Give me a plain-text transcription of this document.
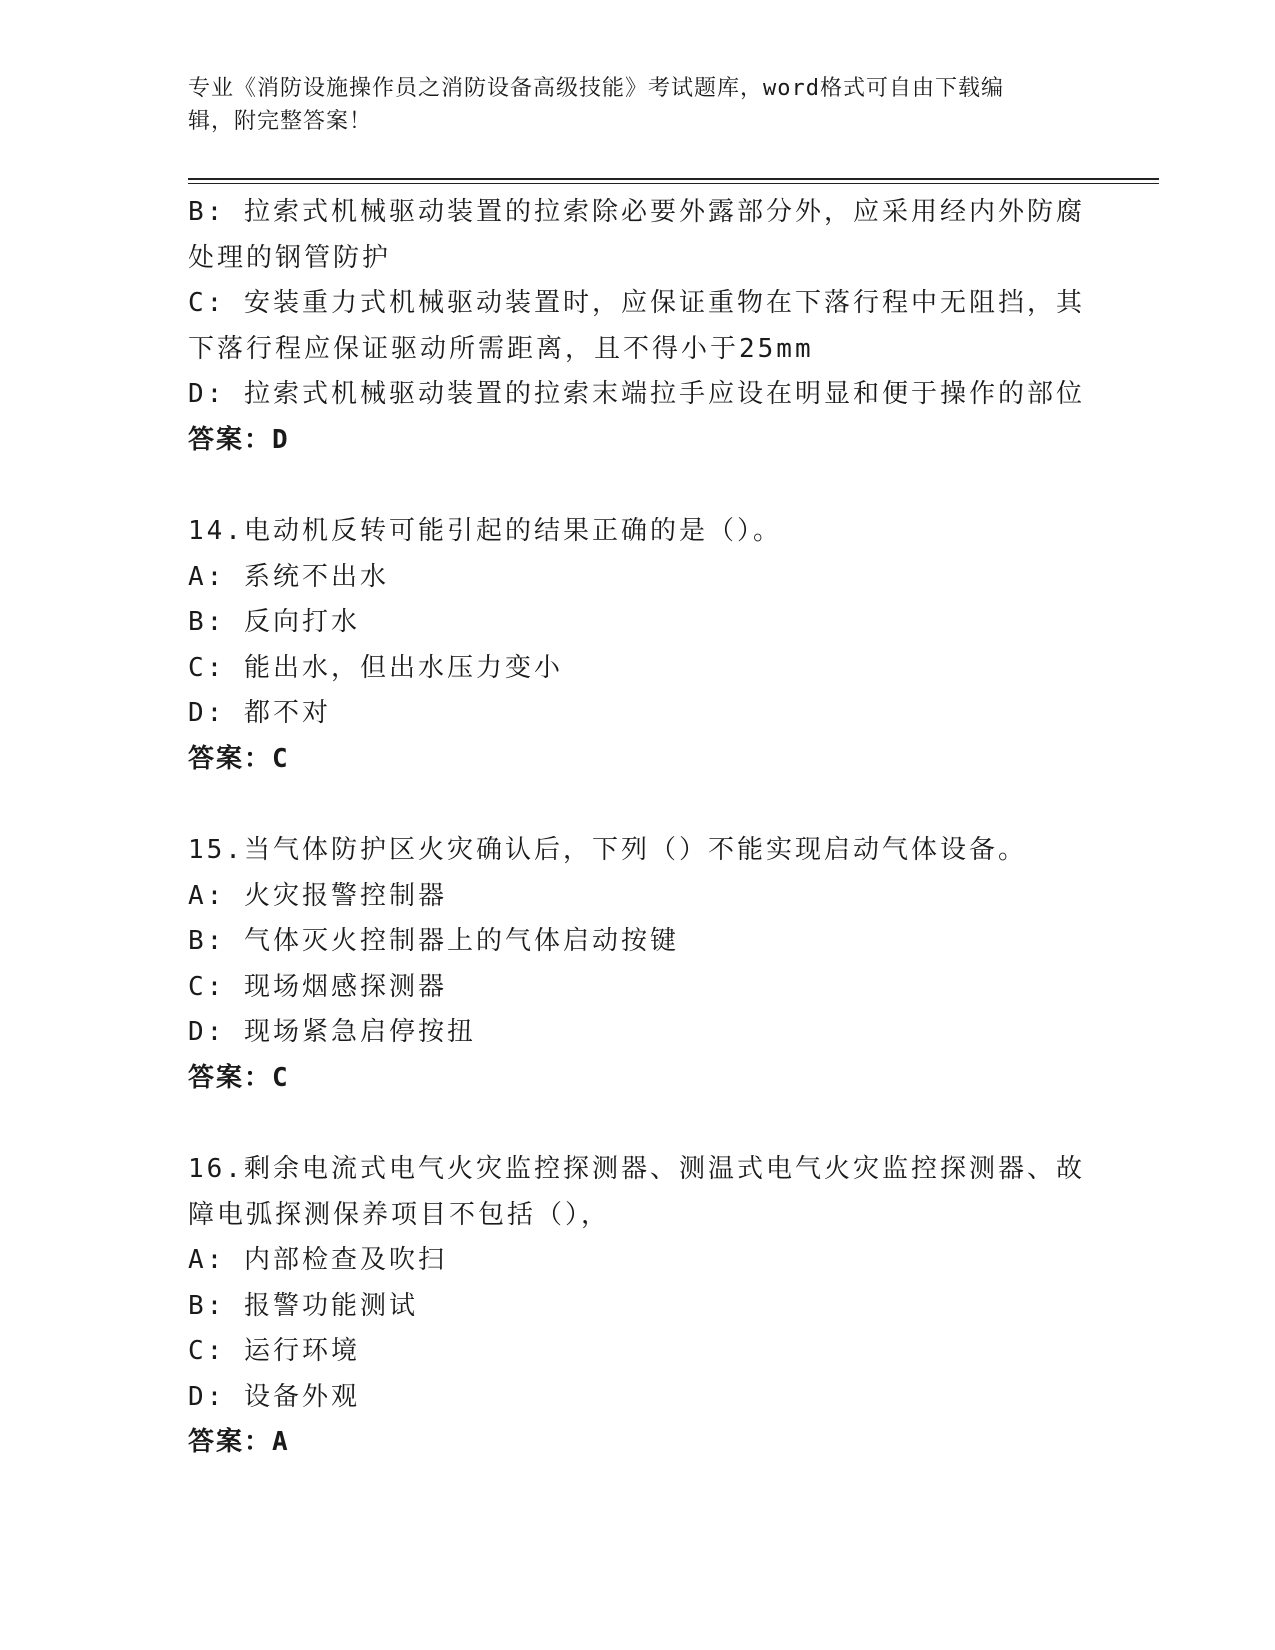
专业《消防设施操作员之消防设备高级技能》考试题库，word格式可自由下载编
辑，附完整答案！
B: 拉索式机械驱动装置的拉索除必要外露部分外，应采用经内外防腐
处理的钢管防护
C: 安装重力式机械驱动装置时，应保证重物在下落行程中无阻挡，其
下落行程应保证驱动所需距离，且不得小于25mm
D: 拉索式机械驱动装置的拉索末端拉手应设在明显和便于操作的部位
答案：D
14.电动机反转可能引起的结果正确的是（）。
A: 系统不出水
B: 反向打水
C: 能出水，但出水压力变小
D: 都不对
答案：C
15.当气体防护区火灾确认后，下列（）不能实现启动气体设备。
A: 火灾报警控制器
B: 气体灭火控制器上的气体启动按键
C: 现场烟感探测器
D: 现场紧急启停按扭
答案：C
16.剩余电流式电气火灾监控探测器、测温式电气火灾监控探测器、故
障电弧探测保养项目不包括（），
A: 内部检查及吹扫
B: 报警功能测试
C: 运行环境
D: 设备外观
答案：A
